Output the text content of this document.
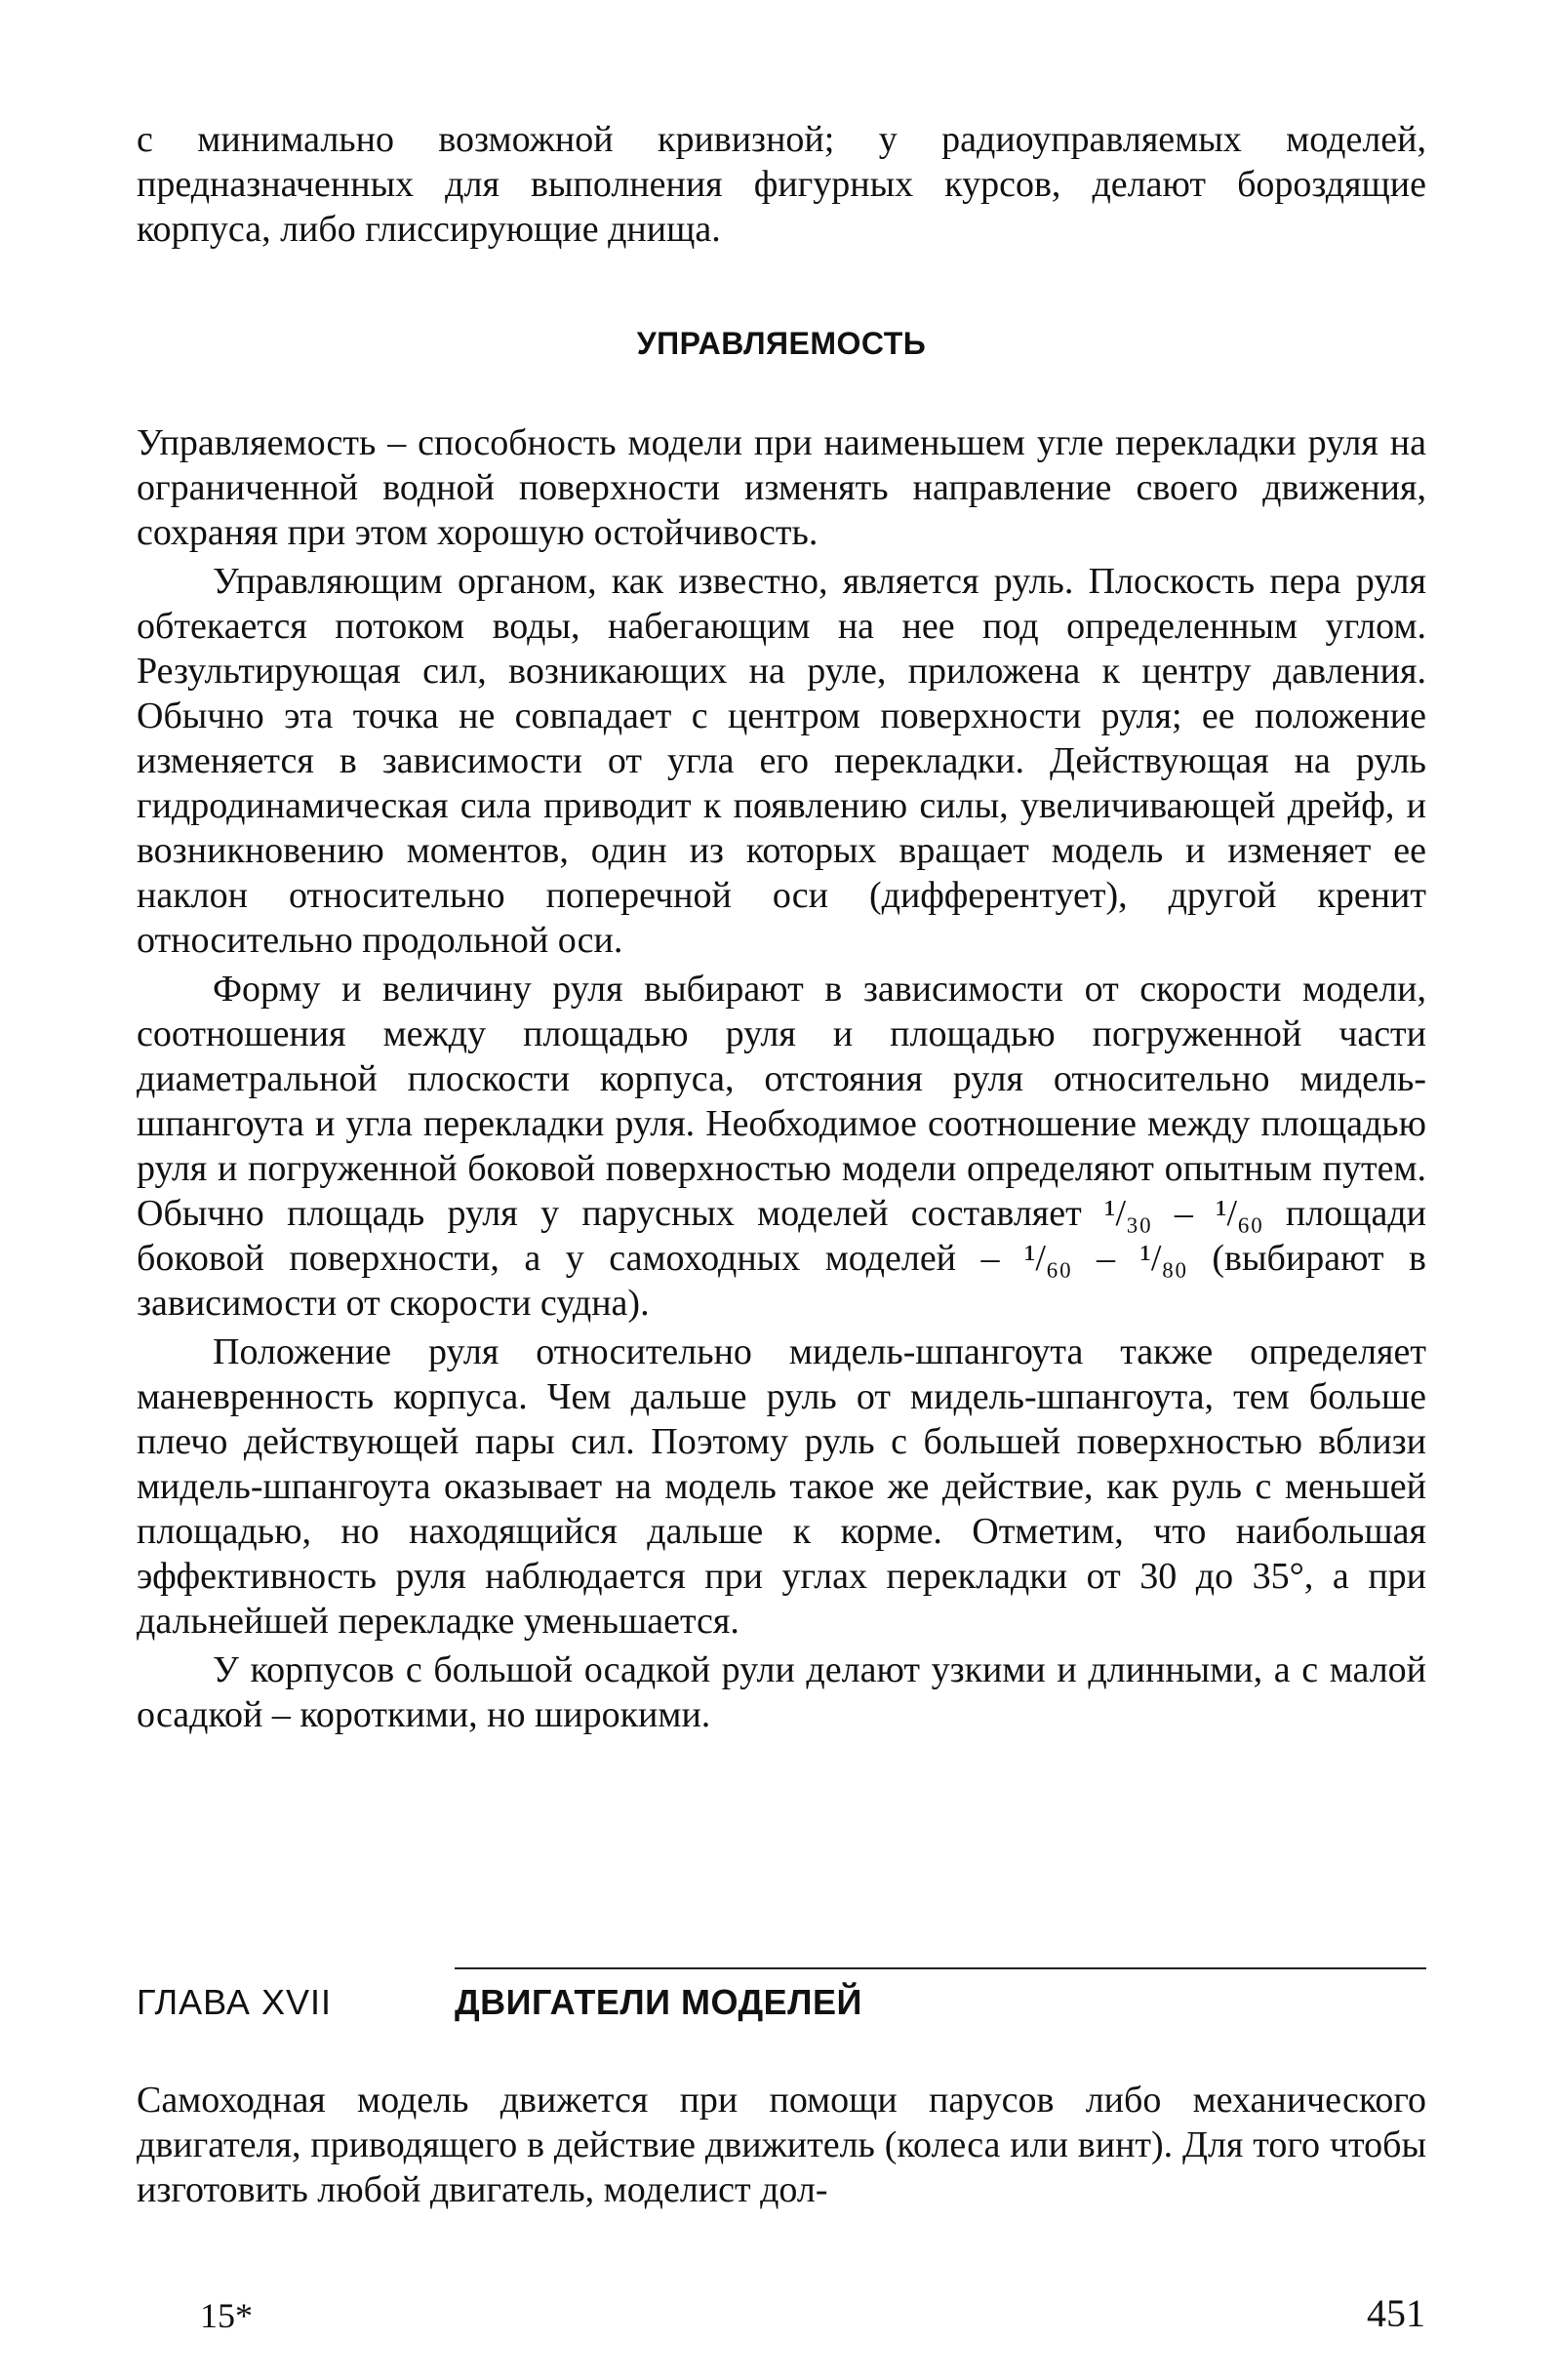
с минимально возможной кривизной; у радиоуправляемых моделей, предназначенных для выполнения фигурных курсов, делают бороздящие корпуса, либо глиссирующие днища.

УПРАВЛЯЕМОСТЬ

Управляемость – способность модели при наименьшем угле перекладки руля на ограниченной водной поверхности изменять направление своего движения, сохраняя при этом хорошую остойчивость.

Управляющим органом, как известно, является руль. Плоскость пера руля обтекается потоком воды, набегающим на нее под определенным углом. Результирующая сил, возникающих на руле, приложена к центру давления. Обычно эта точка не совпадает с центром поверхности руля; ее положение изменяется в зависимости от угла его перекладки. Действующая на руль гидродинамическая сила приводит к появлению силы, увеличивающей дрейф, и возникновению моментов, один из которых вращает модель и изменяет ее наклон относительно поперечной оси (дифферентует), другой кренит относительно продольной оси.

Форму и величину руля выбирают в зависимости от скорости модели, соотношения между площадью руля и площадью погруженной части диаметральной плоскости корпуса, отстояния руля относительно мидель-шпангоута и угла перекладки руля. Необходимое соотношение между площадью руля и погруженной боковой поверхностью модели определяют опытным путем. Обычно площадь руля у парусных моделей составляет ¹/₃₀ – ¹/₆₀ площади боковой поверхности, а у самоходных моделей – ¹/₆₀ – ¹/₈₀ (выбирают в зависимости от скорости судна).

Положение руля относительно мидель-шпангоута также определяет маневренность корпуса. Чем дальше руль от мидель-шпангоута, тем больше плечо действующей пары сил. Поэтому руль с большей поверхностью вблизи мидель-шпангоута оказывает на модель такое же действие, как руль с меньшей площадью, но находящийся дальше к корме. Отметим, что наибольшая эффективность руля наблюдается при углах перекладки от 30 до 35°, а при дальнейшей перекладке уменьшается.

У корпусов с большой осадкой рули делают узкими и длинными, а с малой осадкой – короткими, но широкими.

ГЛАВА XVII	ДВИГАТЕЛИ МОДЕЛЕЙ

Самоходная модель движется при помощи парусов либо механического двигателя, приводящего в действие движитель (колеса или винт). Для того чтобы изготовить любой двигатель, моделист дол-

15*	451
